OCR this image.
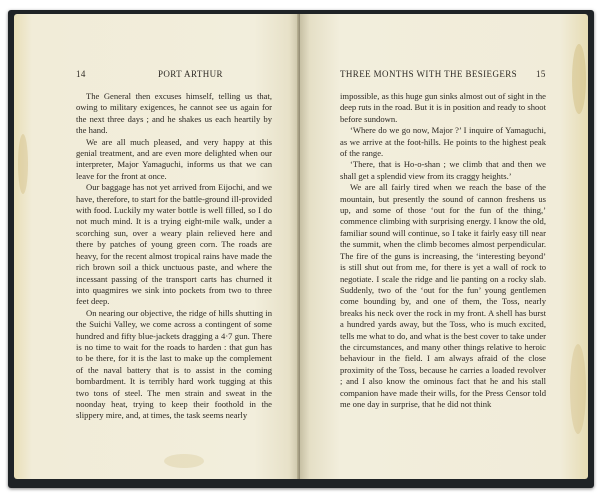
14	PORT ARTHUR

The General then excuses himself, telling us that, owing to military exigences, he cannot see us again for the next three days ; and he shakes us each heartily by the hand.

We are all much pleased, and very happy at this genial treatment, and are even more delighted when our interpreter, Major Yamaguchi, informs us that we can leave for the front at once.

Our baggage has not yet arrived from Eijochi, and we have, therefore, to start for the battle-ground ill-provided with food. Luckily my water bottle is well filled, so I do not much mind. It is a trying eight-mile walk, under a scorching sun, over a weary plain relieved here and there by patches of young green corn. The roads are heavy, for the recent almost tropical rains have made the rich brown soil a thick unctuous paste, and where the incessant passing of the transport carts has churned it into quagmires we sink into pockets from two to three feet deep.

On nearing our objective, the ridge of hills shutting in the Suichi Valley, we come across a contingent of some hundred and fifty blue-jackets dragging a 4·7 gun. There is no time to wait for the roads to harden : that gun has to be there, for it is the last to make up the complement of the naval battery that is to assist in the coming bombardment. It is terribly hard work tugging at this two tons of steel. The men strain and sweat in the noonday heat, trying to keep their foothold in the slippery mire, and, at times, the task seems nearly

THREE MONTHS WITH THE BESIEGERS 15

impossible, as this huge gun sinks almost out of sight in the deep ruts in the road. But it is in position and ready to shoot before sundown.

‘Where do we go now, Major ?’ I inquire of Yamaguchi, as we arrive at the foot-hills. He points to the highest peak of the range.

‘There, that is Ho-o-shan ; we climb that and then we shall get a splendid view from its craggy heights.’

We are all fairly tired when we reach the base of the mountain, but presently the sound of cannon freshens us up, and some of those ‘out for the fun of the thing,’ commence climbing with surprising energy. I know the old, familiar sound will continue, so I take it fairly easy till near the summit, when the climb becomes almost perpendicular. The fire of the guns is increasing, the ‘interesting beyond’ is still shut out from me, for there is yet a wall of rock to negotiate. I scale the ridge and lie panting on a rocky slab. Suddenly, two of the ‘out for the fun’ young gentlemen come bounding by, and one of them, the Toss, nearly breaks his neck over the rock in my front. A shell has burst a hundred yards away, but the Toss, who is much excited, tells me what to do, and what is the best cover to take under the circumstances, and many other things relative to heroic behaviour in the field. I am always afraid of the close proximity of the Toss, because he carries a loaded revolver ; and I also know the ominous fact that he and his stall companion have made their wills, for the Press Censor told me one day in surprise, that he did not think
